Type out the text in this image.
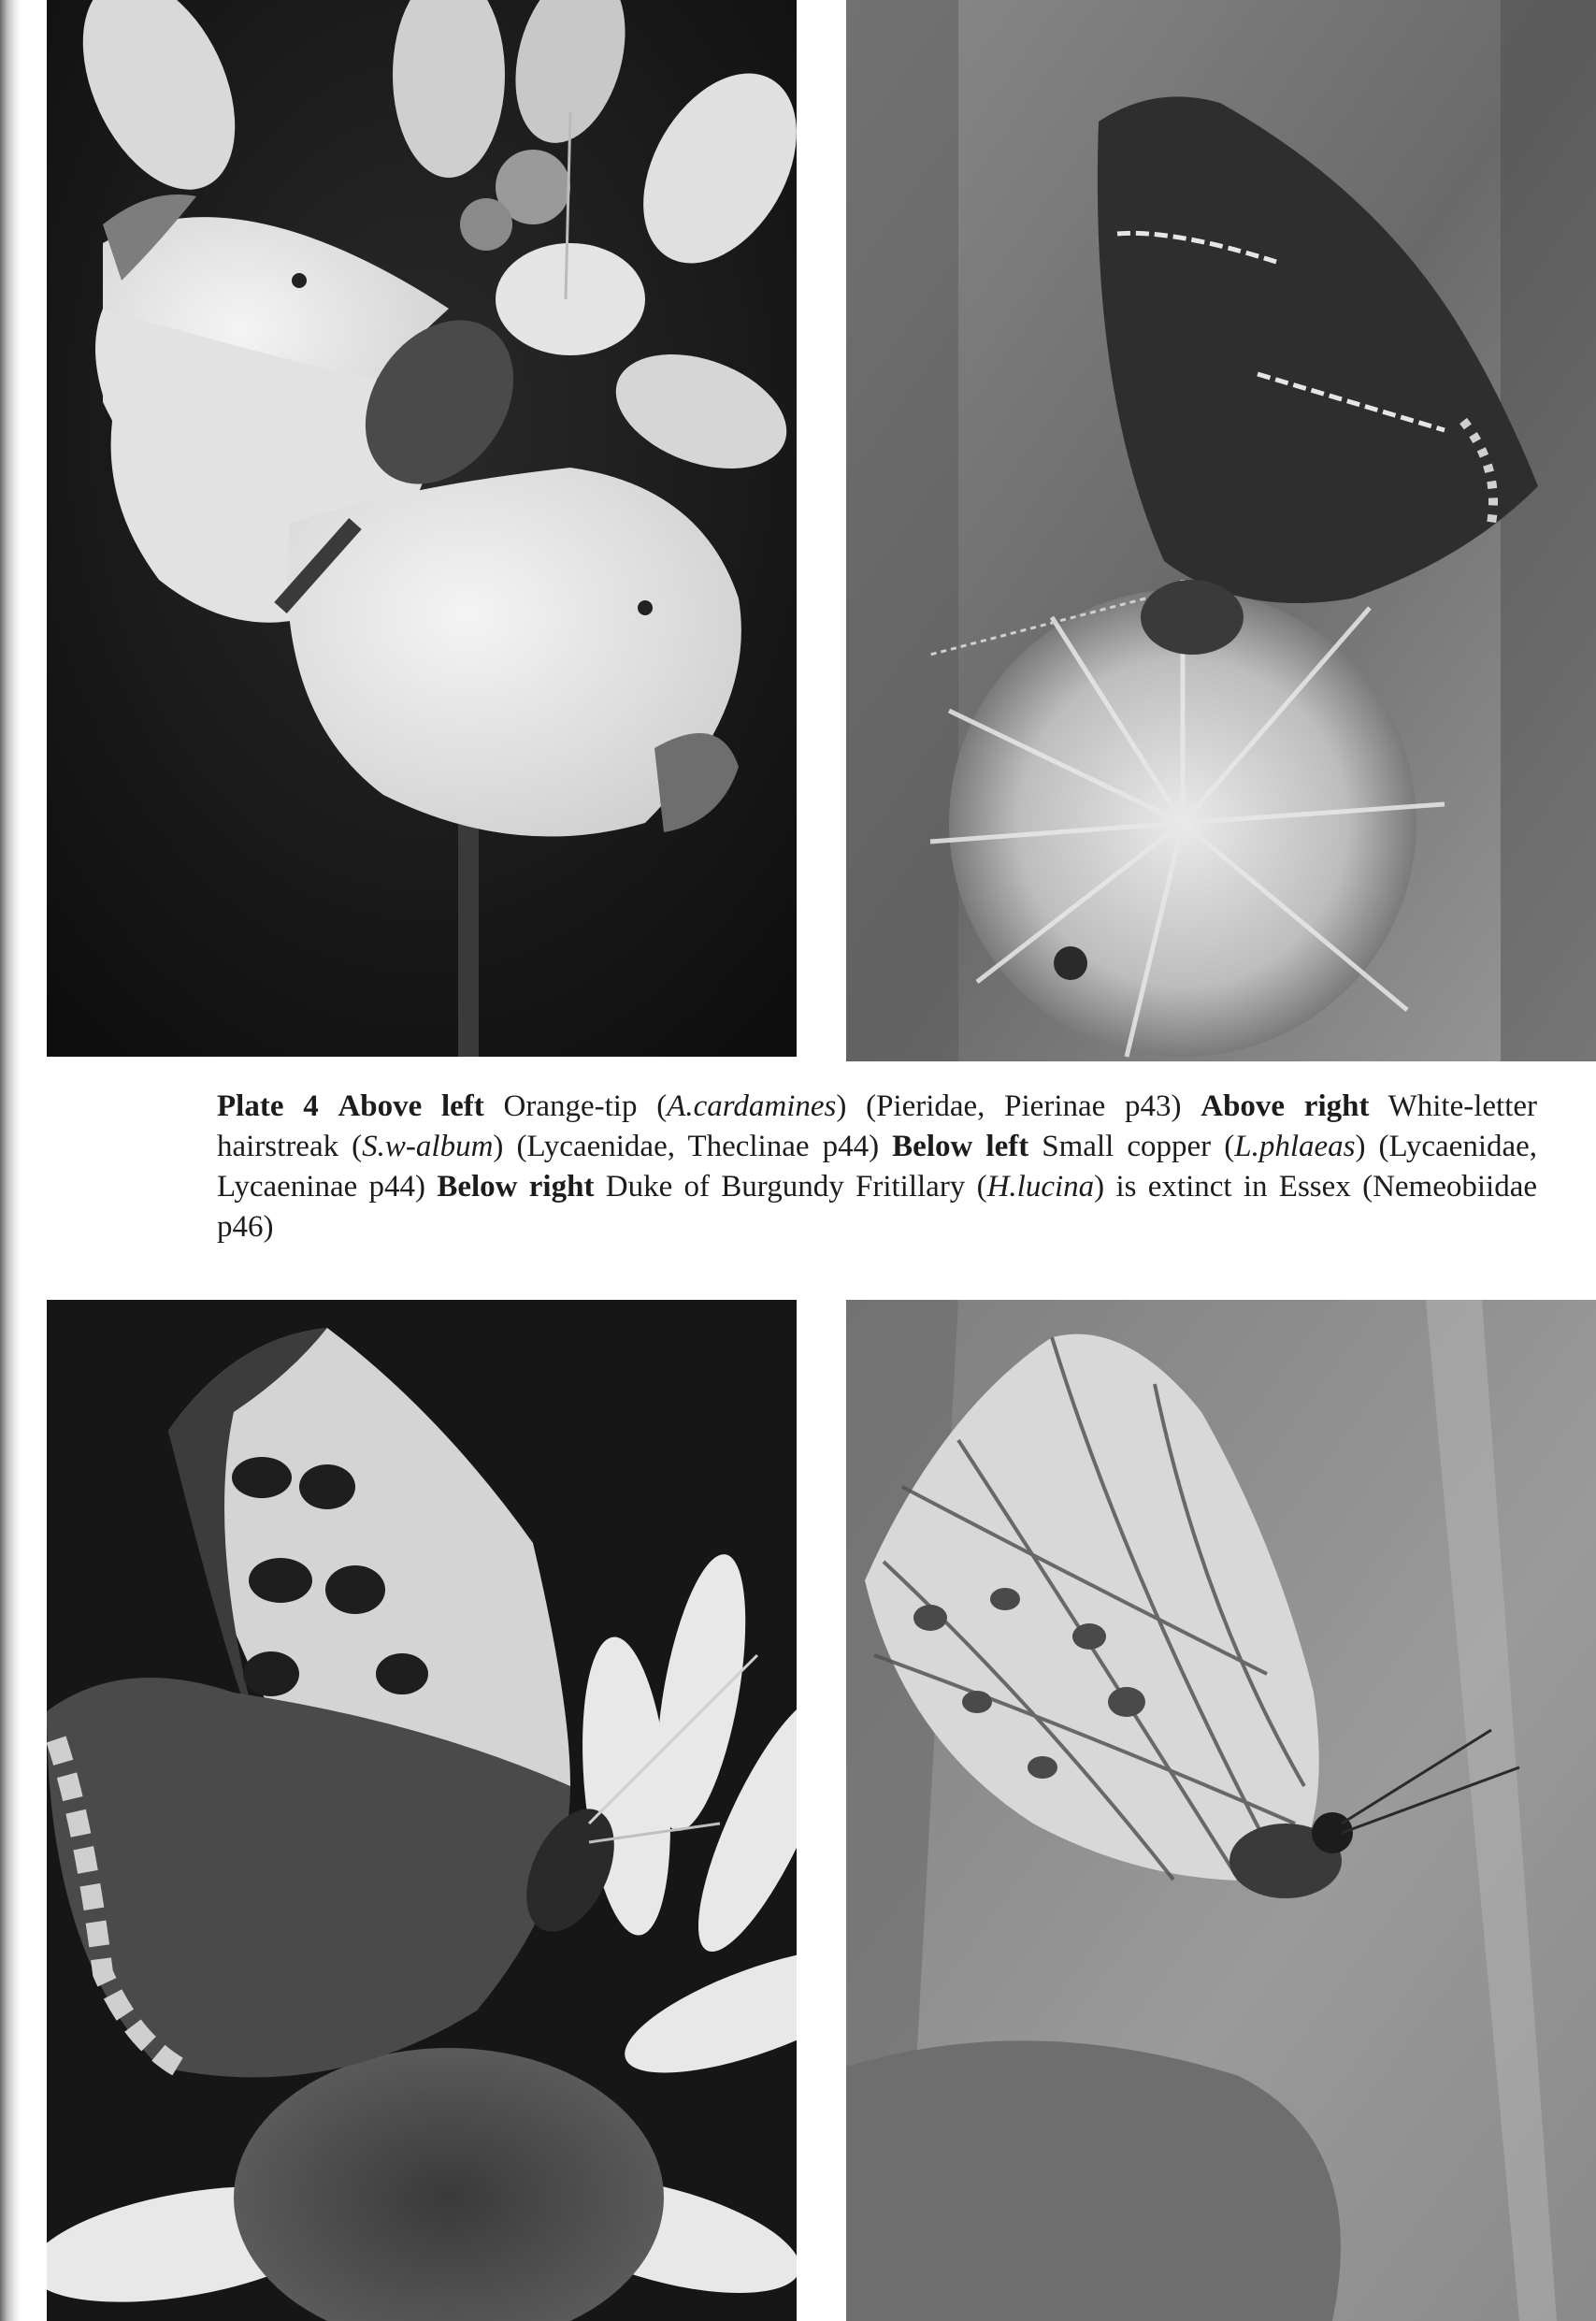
Plate 4 Above left Orange-tip (A.cardamines) (Pieridae, Pierinae p43) Above right White-letter hairstreak (S.w-album) (Lycaenidae, Theclinae p44) Below left Small copper (L.phlaeas) (Lycaenidae, Lycaeninae p44) Below right Duke of Burgundy Fritillary (H.lucina) is extinct in Essex (Nemeobiidae p46)
